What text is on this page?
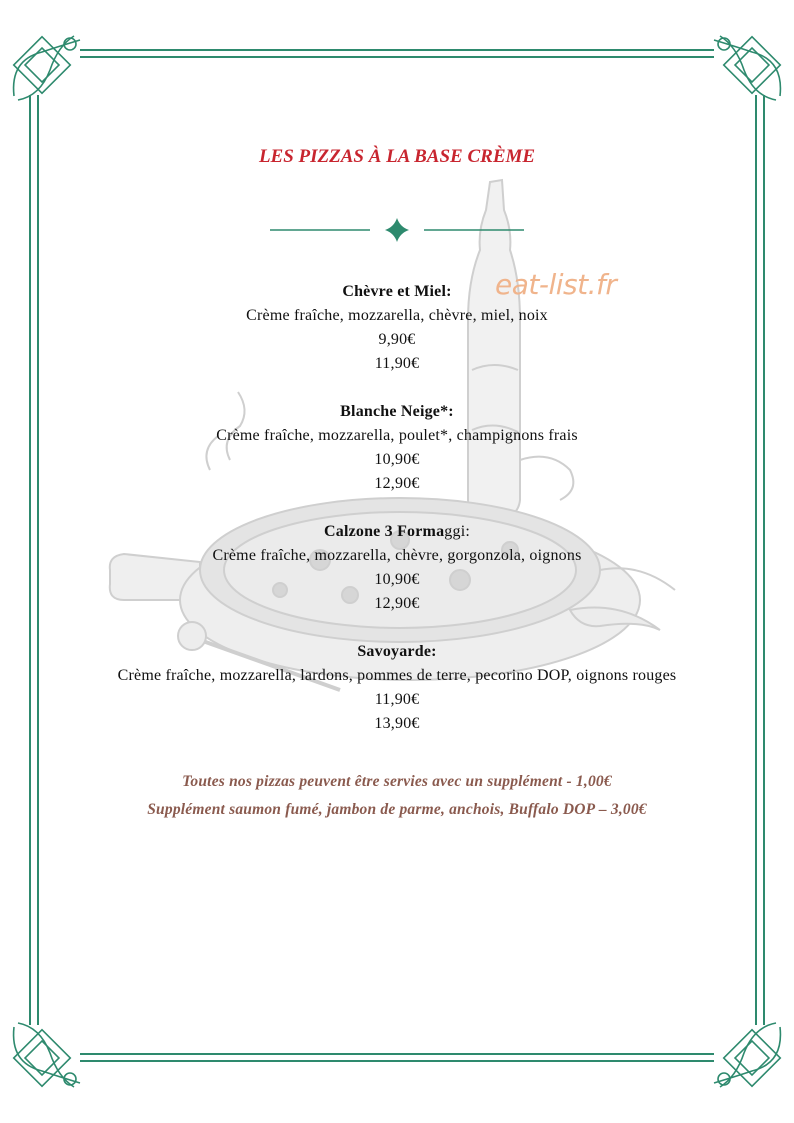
eat-list.fr
LES PIZZAS À LA BASE CRÈME
Chèvre et Miel:
Crème fraîche, mozzarella, chèvre, miel, noix
9,90€
11,90€
Blanche Neige*:
Crème fraîche, mozzarella, poulet*, champignons frais
10,90€
12,90€
Calzone 3 Formaggi:
Crème fraîche, mozzarella, chèvre, gorgonzola, oignons
10,90€
12,90€
Savoyarde:
Crème fraîche, mozzarella, lardons, pommes de terre, pecorino DOP, oignons rouges
11,90€
13,90€
Toutes nos pizzas peuvent être servies avec un supplément - 1,00€
Supplément saumon fumé, jambon de parme, anchois, Buffalo DOP – 3,00€
